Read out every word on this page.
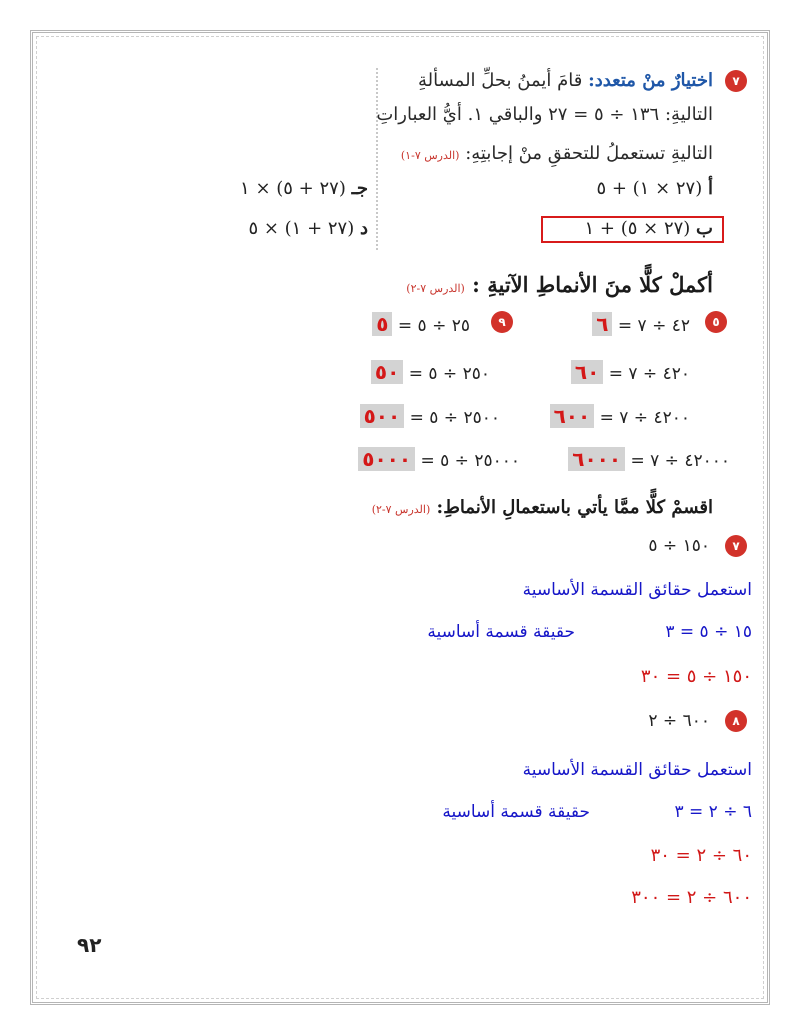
٧
اختيارٌ منْ متعدد: قامَ أيمنُ بحلِّ المسألةِ
التاليةِ: ١٣٦ ÷ ٥ = ٢٧ والباقي ١. أيُّ العباراتِ
التاليةِ تستعملُ للتحققِ منْ إجابتِهِ: (الدرس ٧-١)
أ (٢٧ × ١) + ٥
جـ (٢٧ + ٥) × ١
ب (٢٧ × ٥) + ١
د (٢٧ + ١) × ٥
أكملْ كلًّا منَ الأنماطِ الآتيةِ : (الدرس ٧-٢)
٥
٩	٤٢ ÷ ٧ = ٦
٤٢٠ ÷ ٧ = ٦٠
٤٢٠٠ ÷ ٧ = ٦٠٠
٤٢٠٠٠ ÷ ٧ = ٦٠٠٠
٢٥ ÷ ٥ = ٥
٢٥٠ ÷ ٥ = ٥٠
٢٥٠٠ ÷ ٥ = ٥٠٠
٢٥٠٠٠ ÷ ٥ = ٥٠٠٠
اقسمْ كلًّا ممَّا يأتي باستعمالِ الأنماطِ: (الدرس ٧-٢)
٧
١٥٠ ÷ ٥
استعمل حقائق القسمة الأساسية
١٥ ÷ ٥ = ٣
حقيقة قسمة أساسية
١٥٠ ÷ ٥ = ٣٠
٨
٦٠٠ ÷ ٢
استعمل حقائق القسمة الأساسية
٦ ÷ ٢ = ٣
حقيقة قسمة أساسية
٦٠ ÷ ٢ = ٣٠
٦٠٠ ÷ ٢ = ٣٠٠
٩٢
